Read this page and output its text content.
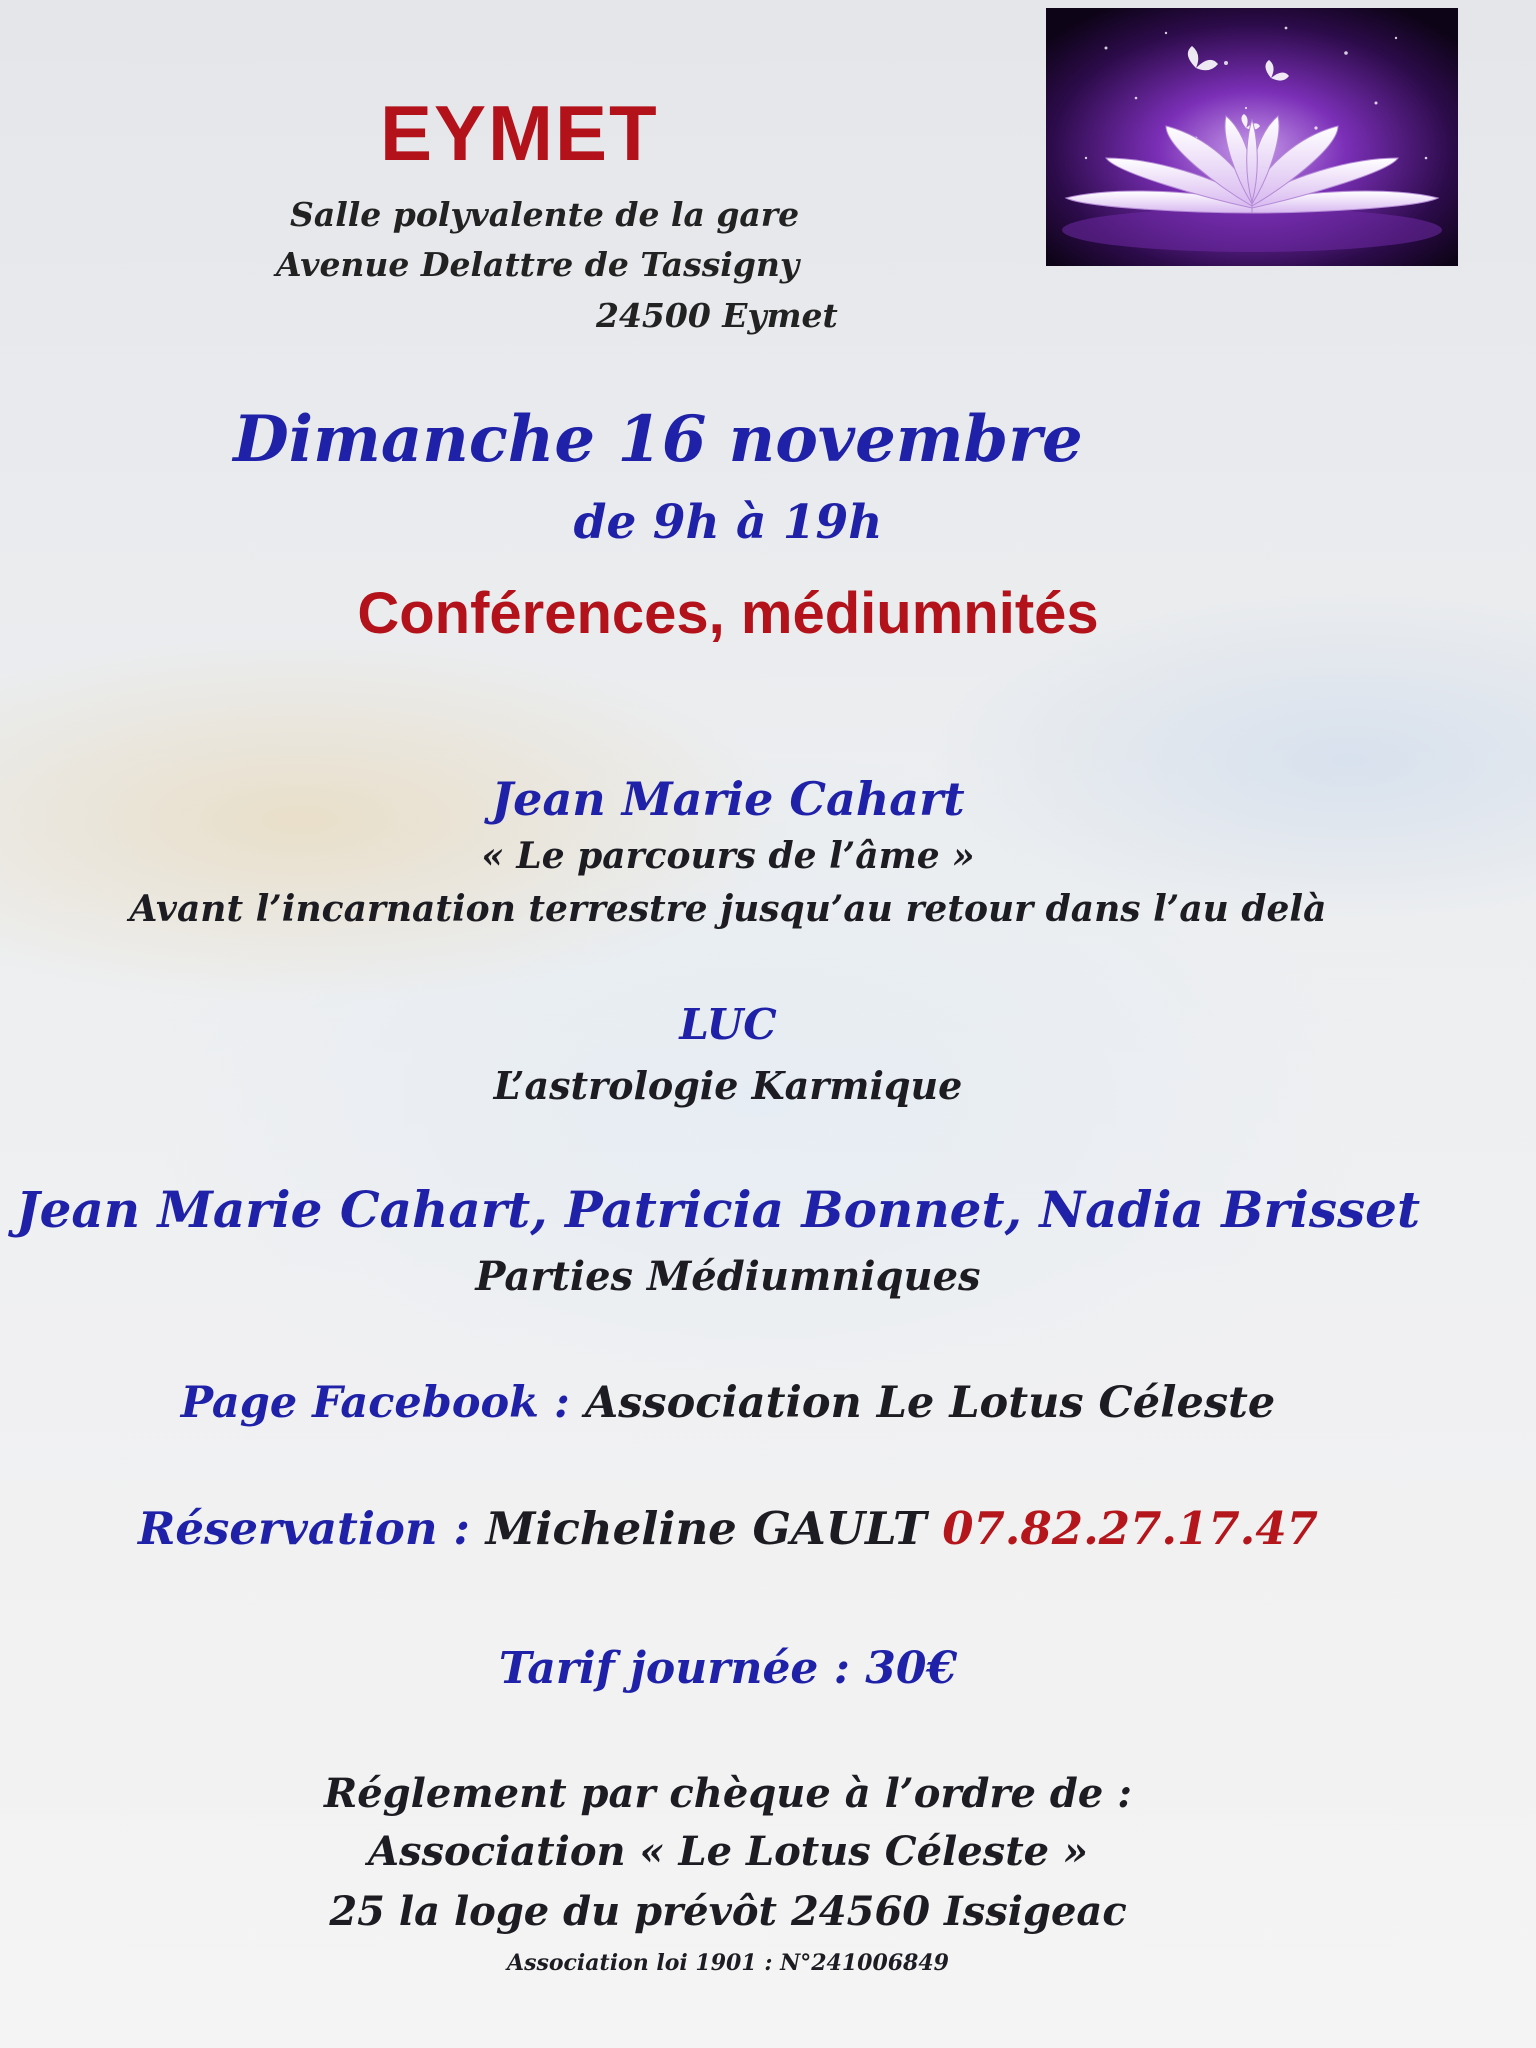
EYMET
Salle polyvalente de la gare
Avenue Delattre de Tassigny
24500 Eymet
Dimanche 16 novembre
de 9h à 19h
Conférences, médiumnités
Jean Marie Cahart
« Le parcours de l’âme »
Avant l’incarnation terrestre jusqu’au retour dans l’au delà
LUC
L’astrologie Karmique
Jean Marie Cahart, Patricia Bonnet, Nadia Brisset
Parties Médiumniques
Page Facebook : Association Le Lotus Céleste
Réservation : Micheline GAULT 07.82.27.17.47
Tarif journée : 30€
Réglement par chèque à l’ordre de :
Association « Le Lotus Céleste »
25 la loge du prévôt 24560 Issigeac
Association loi 1901 : N°241006849
